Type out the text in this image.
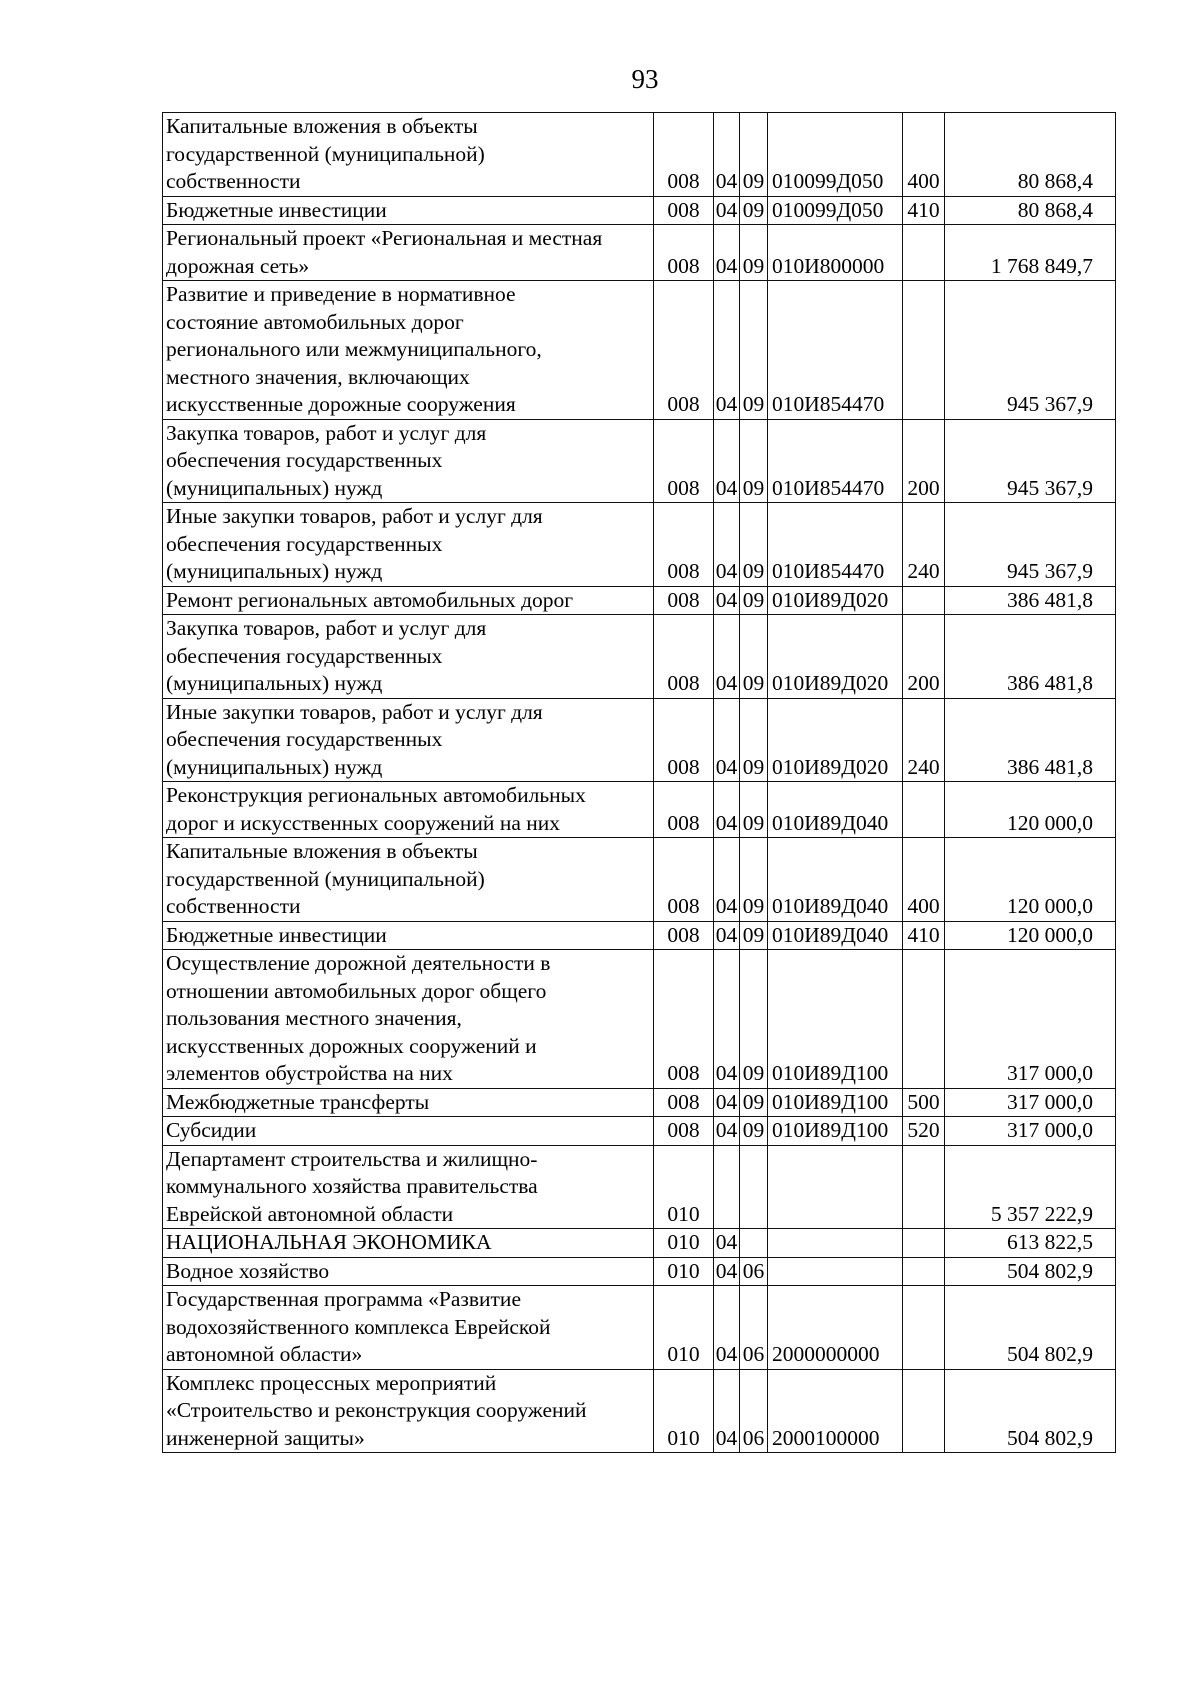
93
Капитальные вложения в объекты
государственной (муниципальной)
собственности	008	04	09	010099Д050	400	80 868,4

Бюджетные инвестиции	008	04	09	010099Д050	410	80 868,4

Региональный проект «Региональная и местная
дорожная сеть»	008	04	09	010И800000		1 768 849,7

Развитие и приведение в нормативное
состояние автомобильных дорог
регионального или межмуниципального,
местного значения, включающих
искусственные дорожные сооружения	008	04	09	010И854470		945 367,9

Закупка товаров, работ и услуг для
обеспечения государственных
(муниципальных) нужд	008	04	09	010И854470	200	945 367,9

Иные закупки товаров, работ и услуг для
обеспечения государственных
(муниципальных) нужд	008	04	09	010И854470	240	945 367,9

Ремонт региональных автомобильных дорог	008	04	09	010И89Д020		386 481,8

Закупка товаров, работ и услуг для
обеспечения государственных
(муниципальных) нужд	008	04	09	010И89Д020	200	386 481,8

Иные закупки товаров, работ и услуг для
обеспечения государственных
(муниципальных) нужд	008	04	09	010И89Д020	240	386 481,8

Реконструкция региональных автомобильных
дорог и искусственных сооружений на них	008	04	09	010И89Д040		120 000,0

Капитальные вложения в объекты
государственной (муниципальной)
собственности	008	04	09	010И89Д040	400	120 000,0

Бюджетные инвестиции	008	04	09	010И89Д040	410	120 000,0

Осуществление дорожной деятельности в
отношении автомобильных дорог общего
пользования местного значения,
искусственных дорожных сооружений и
элементов обустройства на них	008	04	09	010И89Д100		317 000,0

Межбюджетные трансферты	008	04	09	010И89Д100	500	317 000,0

Субсидии	008	04	09	010И89Д100	520	317 000,0

Департамент строительства и жилищно-
коммунального хозяйства правительства
Еврейской автономной области	010					5 357 222,9

НАЦИОНАЛЬНАЯ ЭКОНОМИКА	010	04				613 822,5

Водное хозяйство	010	04	06			504 802,9

Государственная программа «Развитие
водохозяйственного комплекса Еврейской
автономной области»	010	04	06	2000000000		504 802,9

Комплекс процессных мероприятий
«Строительство и реконструкция сооружений
инженерной защиты»	010	04	06	2000100000		504 802,9
